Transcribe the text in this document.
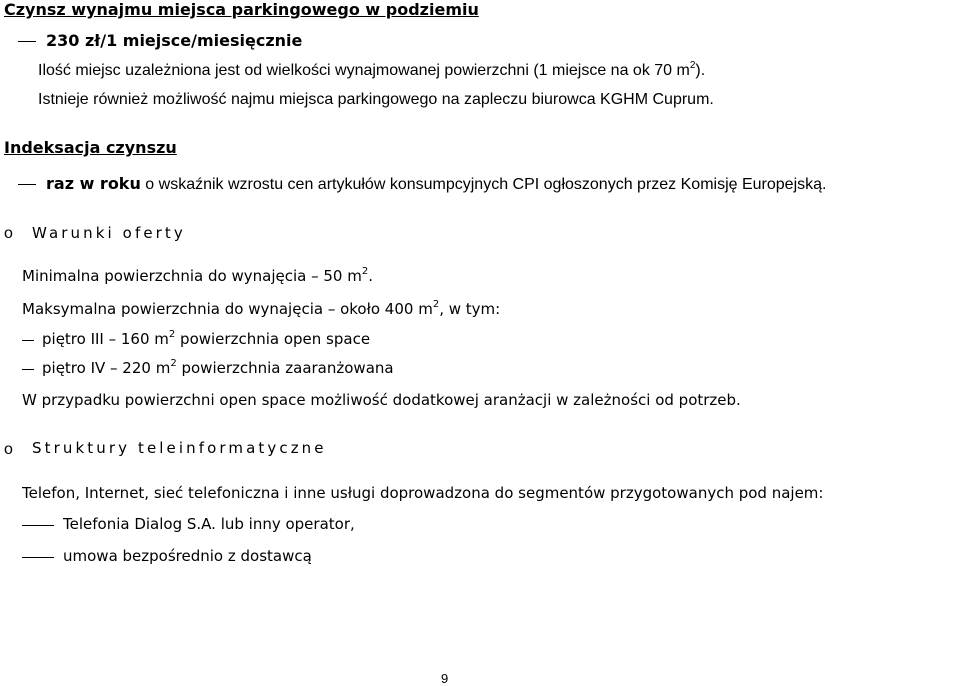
Czynsz wynajmu miejsca parkingowego w podziemiu
230 zł/1 miejsce/miesięcznie
Ilość miejsc uzależniona jest od wielkości wynajmowanej powierzchni (1 miejsce na ok 70 $m^2$).
Istnieje również możliwość najmu miejsca parkingowego na zapleczu biurowca KGHM Cuprum.
Indeksacja czynszu
raz w roku o wskaźnik wzrostu cen artykułów konsumpcyjnych CPI ogłoszonych przez Komisję Europejską.
o Warunki oferty
Minimalna powierzchnia do wynajęcia – 50 $m^2$.
Maksymalna powierzchnia do wynajęcia – około 400 $m^2$, w tym:
piętro III – 160 $m^2$ powierzchnia open space
piętro IV – 220 $m^2$ powierzchnia zaaranżowana
W przypadku powierzchni open space możliwość dodatkowej aranżacji w zależności od potrzeb.
o Struktury teleinformatyczne
Telefon, Internet, sieć telefoniczna i inne usługi doprowadzona do segmentów przygotowanych pod najem:
Telefonia Dialog S.A. lub inny operator,
umowa bezpośrednio z dostawcą
9
